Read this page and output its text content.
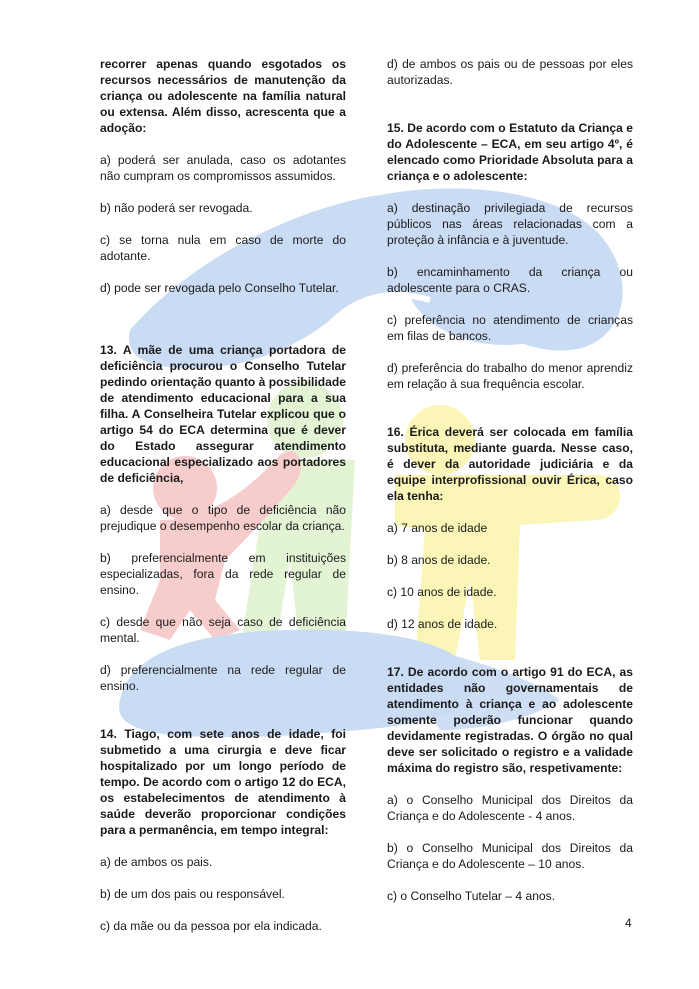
recorrer apenas quando esgotados os recursos necessários de manutenção da criança ou adolescente na família natural ou extensa. Além disso, acrescenta que a adoção:

a) poderá ser anulada, caso os adotantes não cumpram os compromissos assumidos.

b) não poderá ser revogada.

c) se torna nula em caso de morte do adotante.

d) pode ser revogada pelo Conselho Tutelar.

13. A mãe de uma criança portadora de deficiência procurou o Conselho Tutelar pedindo orientação quanto à possibilidade de atendimento educacional para a sua filha. A Conselheira Tutelar explicou que o artigo 54 do ECA determina que é dever do Estado assegurar atendimento educacional especializado aos portadores de deficiência,

a) desde que o tipo de deficiência não prejudique o desempenho escolar da criança.

b) preferencialmente em instituições especializadas, fora da rede regular de ensino.

c) desde que não seja caso de deficiência mental.

d) preferencialmente na rede regular de ensino.

14. Tiago, com sete anos de idade, foi submetido a uma cirurgia e deve ficar hospitalizado por um longo período de tempo. De acordo com o artigo 12 do ECA, os estabelecimentos de atendimento à saúde deverão proporcionar condições para a permanência, em tempo integral:

a) de ambos os pais.

b) de um dos pais ou responsável.

c) da mãe ou da pessoa por ela indicada.

d) de ambos os pais ou de pessoas por eles autorizadas.

15. De acordo com o Estatuto da Criança e do Adolescente – ECA, em seu artigo 4º, é elencado como Prioridade Absoluta para a criança e o adolescente:

a) destinação privilegiada de recursos públicos nas áreas relacionadas com a proteção à infância e à juventude.

b) encaminhamento da criança ou adolescente para o CRAS.

c) preferência no atendimento de crianças em filas de bancos.

d) preferência do trabalho do menor aprendiz em relação à sua frequência escolar.

16. Érica deverá ser colocada em família substituta, mediante guarda. Nesse caso, é dever da autoridade judiciária e da equipe interprofissional ouvir Érica, caso ela tenha:

a) 7 anos de idade

b) 8 anos de idade.

c) 10 anos de idade.

d) 12 anos de idade.

17. De acordo com o artigo 91 do ECA, as entidades não governamentais de atendimento à criança e ao adolescente somente poderão funcionar quando devidamente registradas. O órgão no qual deve ser solicitado o registro e a validade máxima do registro são, respetivamente:

a) o Conselho Municipal dos Direitos da Criança e do Adolescente - 4 anos.

b) o Conselho Municipal dos Direitos da Criança e do Adolescente – 10 anos.

c) o Conselho Tutelar – 4 anos.

4
